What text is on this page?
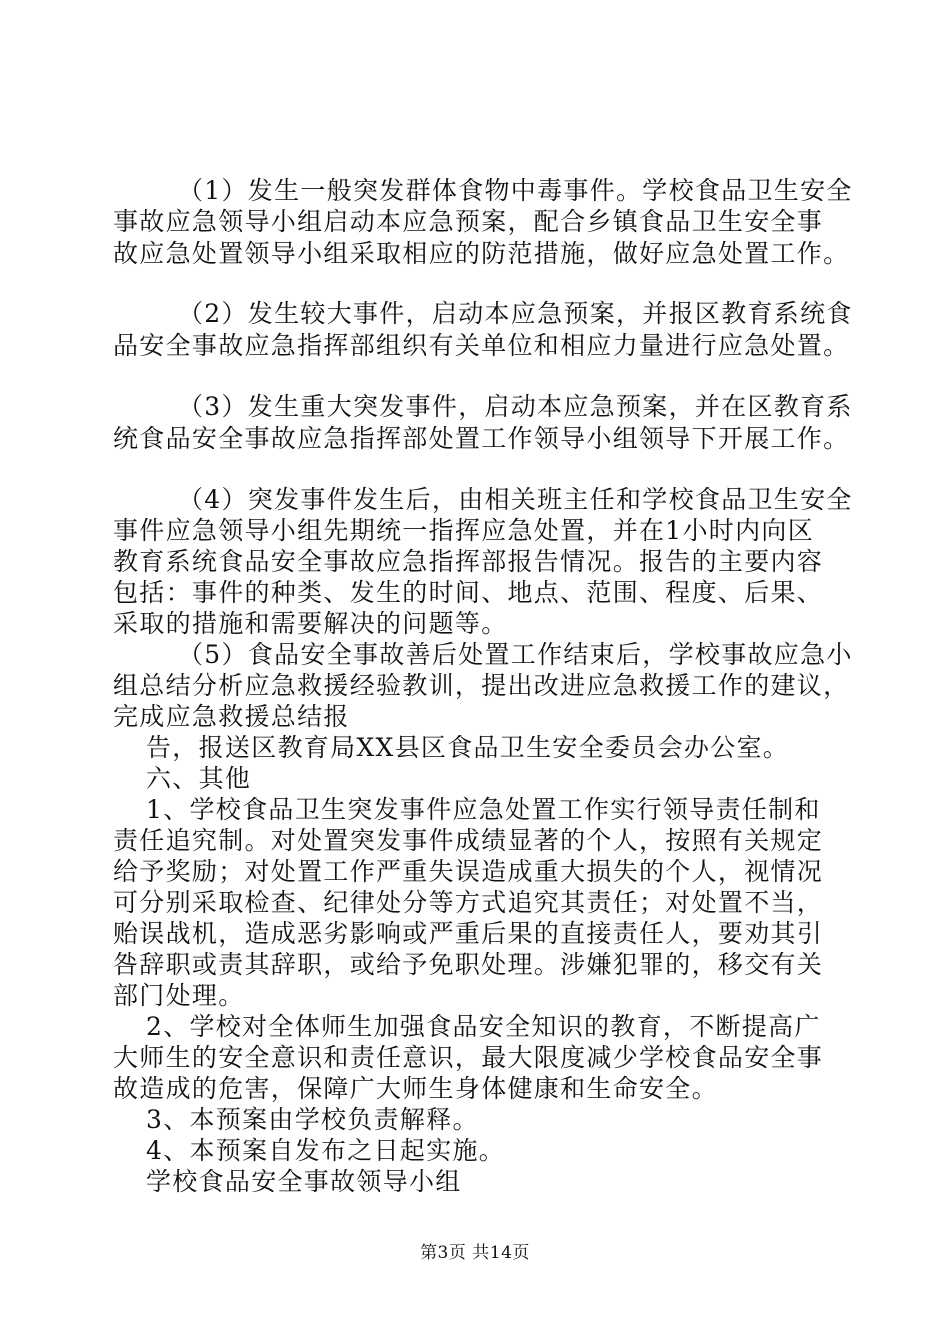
（1）发生一般突发群体食物中毒事件。学校食品卫生安全
事故应急领导小组启动本应急预案，配合乡镇食品卫生安全事
故应急处置领导小组采取相应的防范措施，做好应急处置工作。
（2）发生较大事件，启动本应急预案，并报区教育系统食
品安全事故应急指挥部组织有关单位和相应力量进行应急处置。
（3）发生重大突发事件，启动本应急预案，并在区教育系
统食品安全事故应急指挥部处置工作领导小组领导下开展工作。
（4）突发事件发生后，由相关班主任和学校食品卫生安全
事件应急领导小组先期统一指挥应急处置，并在1小时内向区
教育系统食品安全事故应急指挥部报告情况。报告的主要内容
包括：事件的种类、发生的时间、地点、范围、程度、后果、
采取的措施和需要解决的问题等。
（5）食品安全事故善后处置工作结束后，学校事故应急小
组总结分析应急救援经验教训，提出改进应急救援工作的建议，
完成应急救援总结报
告，报送区教育局XX县区食品卫生安全委员会办公室。
六、其他
1、学校食品卫生突发事件应急处置工作实行领导责任制和
责任追究制。对处置突发事件成绩显著的个人，按照有关规定
给予奖励；对处置工作严重失误造成重大损失的个人，视情况
可分别采取检查、纪律处分等方式追究其责任；对处置不当，
贻误战机，造成恶劣影响或严重后果的直接责任人，要劝其引
咎辞职或责其辞职，或给予免职处理。涉嫌犯罪的，移交有关
部门处理。
2、学校对全体师生加强食品安全知识的教育，不断提高广
大师生的安全意识和责任意识，最大限度减少学校食品安全事
故造成的危害，保障广大师生身体健康和生命安全。
3、本预案由学校负责解释。
4、本预案自发布之日起实施。
学校食品安全事故领导小组
第3页 共14页
